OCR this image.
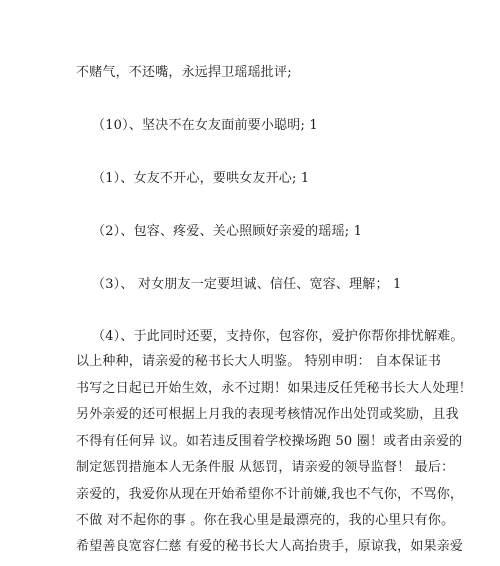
不赌气，不还嘴，永远捍卫瑶瑶批评;
（10）、坚决不在女友面前要小聪明; 1
（1）、女友不开心，要哄女友开心; 1
（2）、包容、疼爱、关心照顾好亲爱的瑶瑶; 1
（3）、 对女朋友一定要坦诚、信任、宽容、理解； 1
（4）、于此同时还要，支持你，包容你，爱护你帮你排忧解难。
以上种种，请亲爱的秘书长大人明鉴。 特别申明： 自本保证书
书写之日起已开始生效，永不过期！如果违反任凭秘书长大人处理！
另外亲爱的还可根据上月我的表现考核情况作出处罚或奖励，且我
不得有任何异 议。如若违反围着学校操场跑 50 圈！或者由亲爱的
制定惩罚措施本人无条件服 从惩罚，请亲爱的领导监督！ 最后：
亲爱的，我爱你从现在开始希望你不计前嫌,我也不气你，不骂你，
不做 对不起你的事 。你在我心里是最漂亮的，我的心里只有你。
希望善良宽容仁慈 有爱的秘书长大人高抬贵手，原谅我，如果亲爱
